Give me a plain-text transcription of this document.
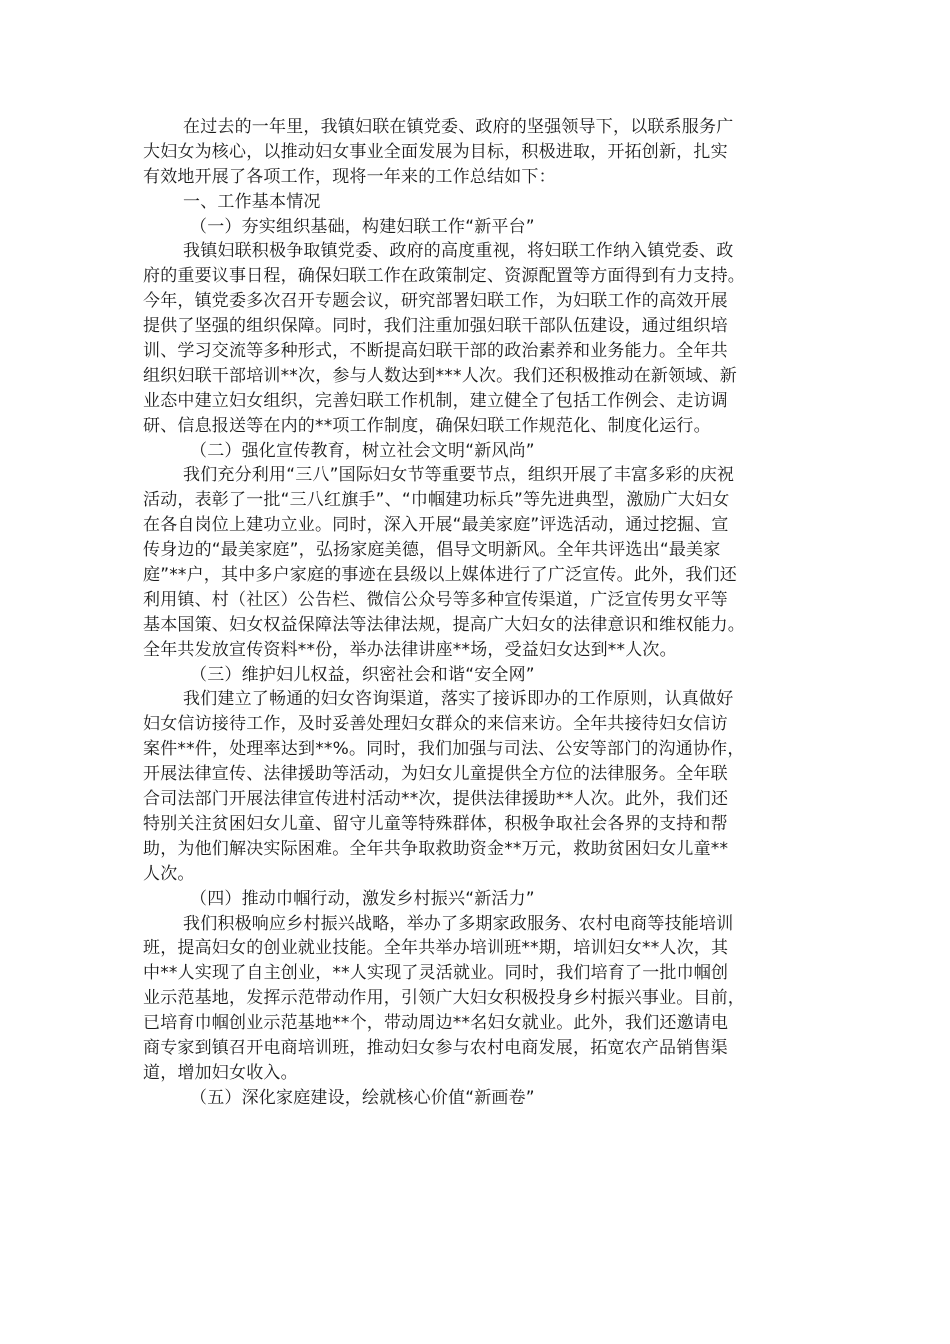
在过去的一年里，我镇妇联在镇党委、政府的坚强领导下，以联系服务广
大妇女为核心，以推动妇女事业全面发展为目标，积极进取，开拓创新，扎实
有效地开展了各项工作，现将一年来的工作总结如下：
一、工作基本情况
（一）夯实组织基础，构建妇联工作“新平台”
我镇妇联积极争取镇党委、政府的高度重视，将妇联工作纳入镇党委、政
府的重要议事日程，确保妇联工作在政策制定、资源配置等方面得到有力支持。
今年，镇党委多次召开专题会议，研究部署妇联工作，为妇联工作的高效开展
提供了坚强的组织保障。同时，我们注重加强妇联干部队伍建设，通过组织培
训、学习交流等多种形式，不断提高妇联干部的政治素养和业务能力。全年共
组织妇联干部培训**次，参与人数达到***人次。我们还积极推动在新领域、新
业态中建立妇女组织，完善妇联工作机制，建立健全了包括工作例会、走访调
研、信息报送等在内的**项工作制度，确保妇联工作规范化、制度化运行。
（二）强化宣传教育，树立社会文明“新风尚”
我们充分利用“三八”国际妇女节等重要节点，组织开展了丰富多彩的庆祝
活动，表彰了一批“三八红旗手”、“巾帼建功标兵”等先进典型，激励广大妇女
在各自岗位上建功立业。同时，深入开展“最美家庭”评选活动，通过挖掘、宣
传身边的“最美家庭”，弘扬家庭美德，倡导文明新风。全年共评选出“最美家
庭”**户，其中多户家庭的事迹在县级以上媒体进行了广泛宣传。此外，我们还
利用镇、村（社区）公告栏、微信公众号等多种宣传渠道，广泛宣传男女平等
基本国策、妇女权益保障法等法律法规，提高广大妇女的法律意识和维权能力。
全年共发放宣传资料**份，举办法律讲座**场，受益妇女达到**人次。
（三）维护妇儿权益，织密社会和谐“安全网”
我们建立了畅通的妇女咨询渠道，落实了接诉即办的工作原则，认真做好
妇女信访接待工作，及时妥善处理妇女群众的来信来访。全年共接待妇女信访
案件**件，处理率达到**%。同时，我们加强与司法、公安等部门的沟通协作，
开展法律宣传、法律援助等活动，为妇女儿童提供全方位的法律服务。全年联
合司法部门开展法律宣传进村活动**次，提供法律援助**人次。此外，我们还
特别关注贫困妇女儿童、留守儿童等特殊群体，积极争取社会各界的支持和帮
助，为他们解决实际困难。全年共争取救助资金**万元，救助贫困妇女儿童**
人次。
（四）推动巾帼行动，激发乡村振兴“新活力”
我们积极响应乡村振兴战略，举办了多期家政服务、农村电商等技能培训
班，提高妇女的创业就业技能。全年共举办培训班**期，培训妇女**人次，其
中**人实现了自主创业，**人实现了灵活就业。同时，我们培育了一批巾帼创
业示范基地，发挥示范带动作用，引领广大妇女积极投身乡村振兴事业。目前，
已培育巾帼创业示范基地**个，带动周边**名妇女就业。此外，我们还邀请电
商专家到镇召开电商培训班，推动妇女参与农村电商发展，拓宽农产品销售渠
道，增加妇女收入。
（五）深化家庭建设，绘就核心价值“新画卷”
